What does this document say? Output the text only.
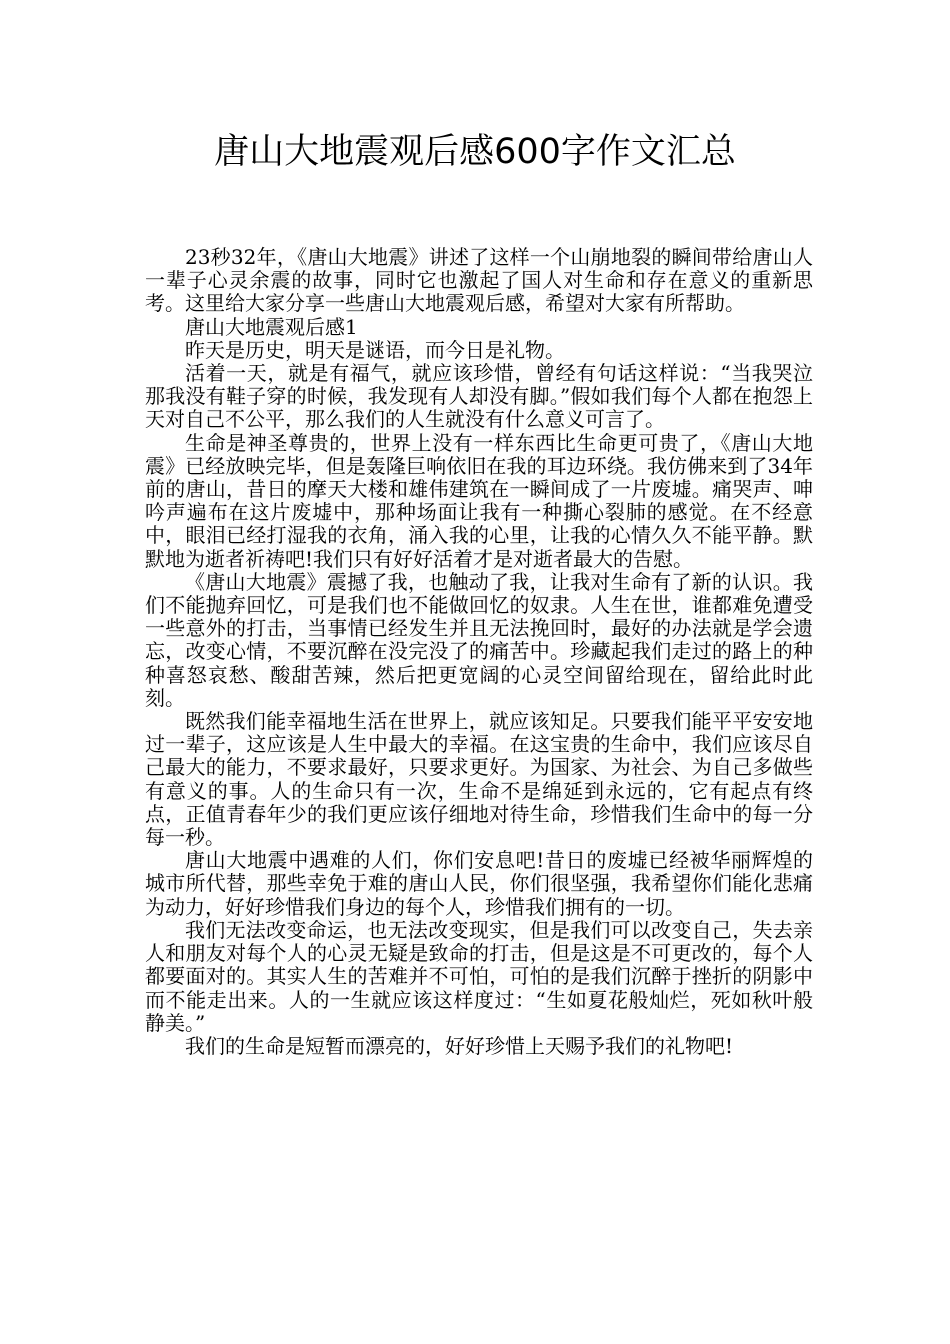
唐山大地震观后感600字作文汇总

23秒32年，《唐山大地震》讲述了这样一个山崩地裂的瞬间带给唐山人一辈子心灵余震的故事，同时它也激起了国人对生命和存在意义的重新思考。这里给大家分享一些唐山大地震观后感，希望对大家有所帮助。

唐山大地震观后感1

昨天是历史，明天是谜语，而今日是礼物。

活着一天，就是有福气，就应该珍惜，曾经有句话这样说：“当我哭泣那我没有鞋子穿的时候，我发现有人却没有脚。”假如我们每个人都在抱怨上天对自己不公平，那么我们的人生就没有什么意义可言了。

生命是神圣尊贵的，世界上没有一样东西比生命更可贵了，《唐山大地震》已经放映完毕，但是轰隆巨响依旧在我的耳边环绕。我仿佛来到了34年前的唐山，昔日的摩天大楼和雄伟建筑在一瞬间成了一片废墟。痛哭声、呻吟声遍布在这片废墟中，那种场面让我有一种撕心裂肺的感觉。在不经意中，眼泪已经打湿我的衣角，涌入我的心里，让我的心情久久不能平静。默默地为逝者祈祷吧!我们只有好好活着才是对逝者最大的告慰。

《唐山大地震》震撼了我，也触动了我，让我对生命有了新的认识。我们不能抛弃回忆，可是我们也不能做回忆的奴隶。人生在世，谁都难免遭受一些意外的打击，当事情已经发生并且无法挽回时，最好的办法就是学会遗忘，改变心情，不要沉醉在没完没了的痛苦中。珍藏起我们走过的路上的种种喜怒哀愁、酸甜苦辣，然后把更宽阔的心灵空间留给现在，留给此时此刻。

既然我们能幸福地生活在世界上，就应该知足。只要我们能平平安安地过一辈子，这应该是人生中最大的幸福。在这宝贵的生命中，我们应该尽自己最大的能力，不要求最好，只要求更好。为国家、为社会、为自己多做些有意义的事。人的生命只有一次，生命不是绵延到永远的，它有起点有终点，正值青春年少的我们更应该仔细地对待生命，珍惜我们生命中的每一分每一秒。

唐山大地震中遇难的人们，你们安息吧!昔日的废墟已经被华丽辉煌的城市所代替，那些幸免于难的唐山人民，你们很坚强，我希望你们能化悲痛为动力，好好珍惜我们身边的每个人，珍惜我们拥有的一切。

我们无法改变命运，也无法改变现实，但是我们可以改变自己，失去亲人和朋友对每个人的心灵无疑是致命的打击，但是这是不可更改的，每个人都要面对的。其实人生的苦难并不可怕，可怕的是我们沉醉于挫折的阴影中而不能走出来。人的一生就应该这样度过：“生如夏花般灿烂，死如秋叶般静美。”

我们的生命是短暂而漂亮的，好好珍惜上天赐予我们的礼物吧!
